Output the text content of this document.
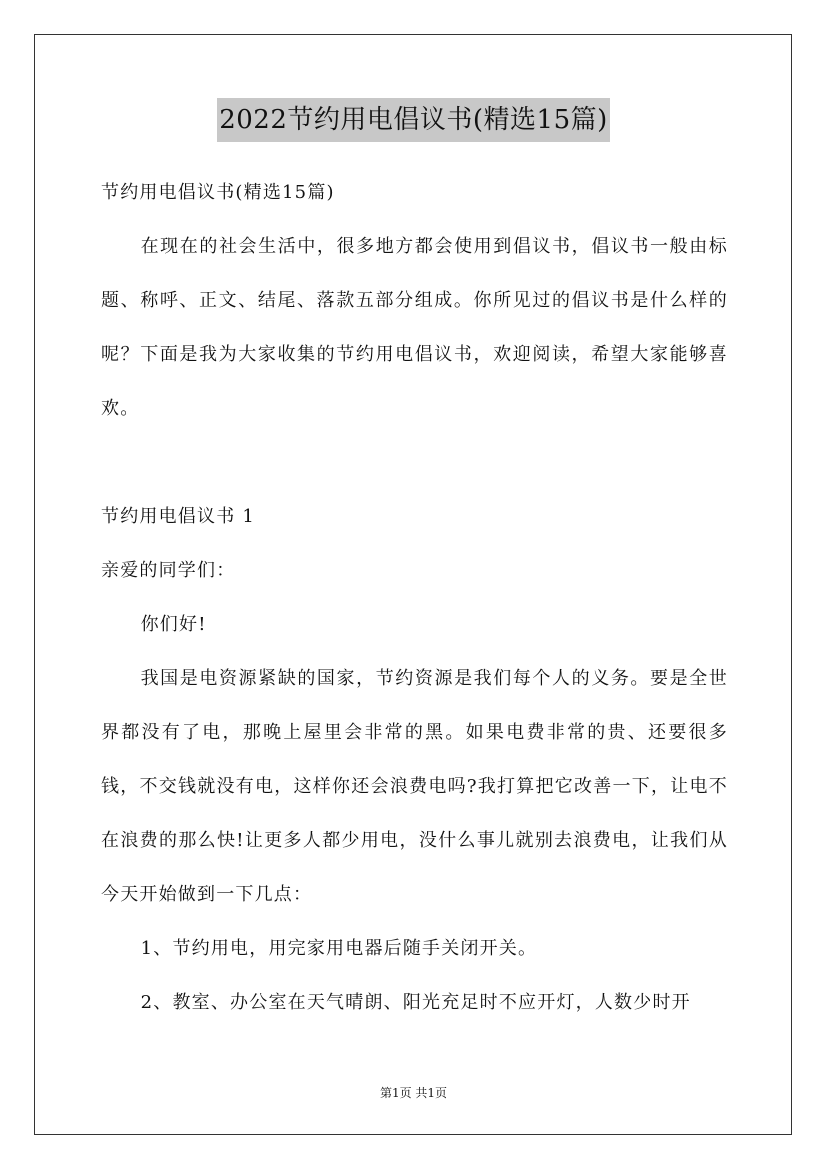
2022节约用电倡议书(精选15篇)

节约用电倡议书(精选15篇)

在现在的社会生活中，很多地方都会使用到倡议书，倡议书一般由标题、称呼、正文、结尾、落款五部分组成。你所见过的倡议书是什么样的呢？下面是我为大家收集的节约用电倡议书，欢迎阅读，希望大家能够喜欢。

节约用电倡议书 1

亲爱的同学们：

你们好!

我国是电资源紧缺的国家，节约资源是我们每个人的义务。要是全世界都没有了电，那晚上屋里会非常的黑。如果电费非常的贵、还要很多钱，不交钱就没有电，这样你还会浪费电吗?我打算把它改善一下，让电不在浪费的那么快!让更多人都少用电，没什么事儿就别去浪费电，让我们从今天开始做到一下几点：

1、节约用电，用完家用电器后随手关闭开关。

2、教室、办公室在天气晴朗、阳光充足时不应开灯，人数少时开

第1页 共1页
